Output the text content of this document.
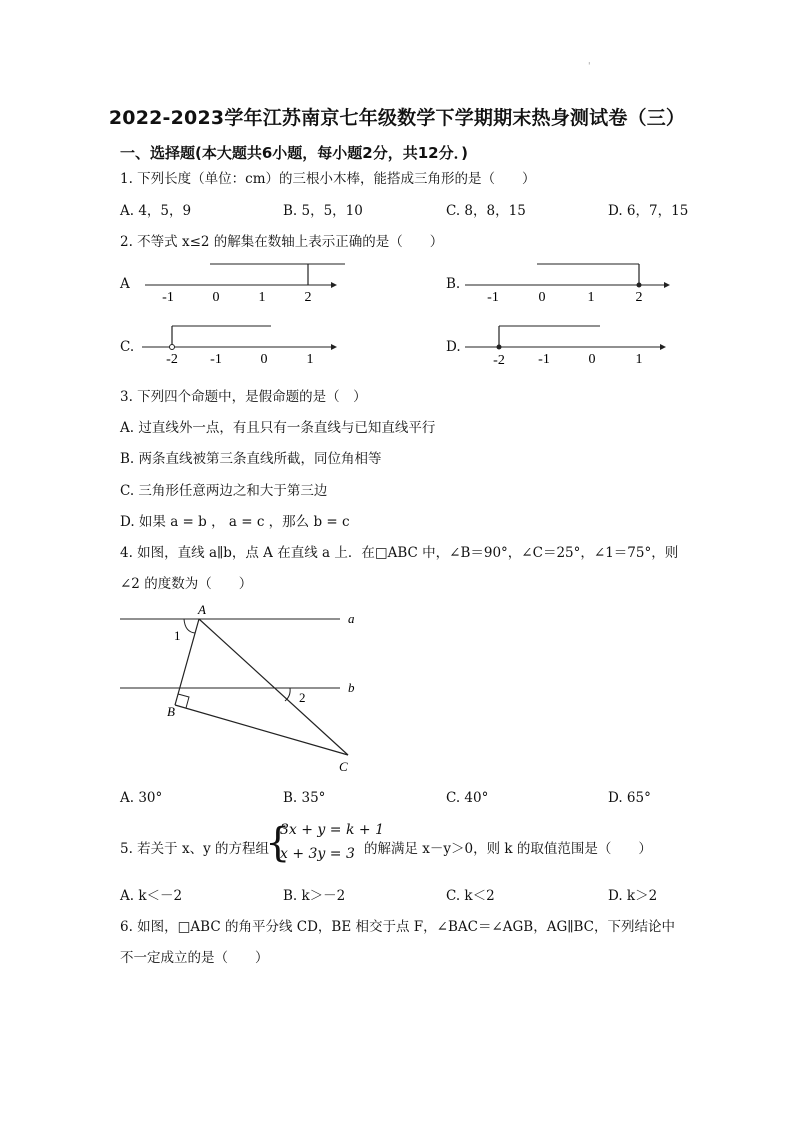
'
2022-2023学年江苏南京七年级数学下学期期末热身测试卷（三）
一、选择题(本大题共6小题，每小题2分，共12分．)
1. 下列长度（单位：cm）的三根小木棒，能搭成三角形的是（　　）
A. 4，5，9	B. 5，5，10	C. 8，8，15	D. 6，7，15
2. 不等式 x≤2 的解集在数轴上表示正确的是（　　）
A
-1	0	1	2
B.
-1	0	1	2
C.
-2 -1	0	1
D.
-2 -1	0	1
3. 下列四个命题中，是假命题的是（　）
A. 过直线外一点，有且只有一条直线与已知直线平行
B. 两条直线被第三条直线所截，同位角相等
C. 三角形任意两边之和大于第三边
D. 如果 a = b ， a = c ，那么 b = c
4. 如图，直线 a∥b，点 A 在直线 a 上．在□ABC 中，∠B＝90°，∠C＝25°，∠1＝75°，则
∠2 的度数为（　　）
A
B
C
a
b
1
2
A. 30°	B. 35°	C. 40°	D. 65°
5. 若关于 x、y 的方程组
{
3x + y = k + 1
x + 3y = 3 的解满足 x－y＞0，则 k 的取值范围是（　　）
A. k＜－2	B. k＞－2	C. k＜2	D. k＞2
6. 如图，□ABC 的角平分线 CD，BE 相交于点 F，∠BAC＝∠AGB，AG∥BC，下列结论中
不一定成立的是（　　）
